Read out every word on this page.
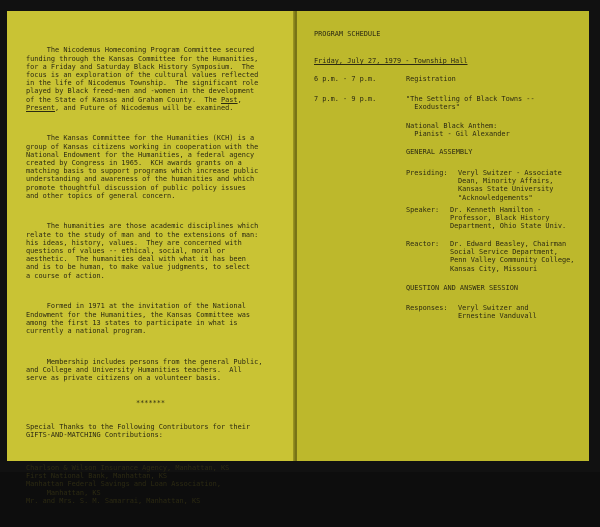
The Nicodemus Homecoming Program Committee secured
funding through the Kansas Committee for the Humanities,
for a Friday and Saturday Black History Symposium.  The
focus is an exploration of the cultural values reflected
in the life of Nicodemus Township.  The significant role
played by Black freed-men and -women in the development
of the State of Kansas and Graham County.  The Past,
Present, and Future of Nicodemus will be examined.

The Kansas Committee for the Humanities (KCH) is a
group of Kansas citizens working in cooperation with the
National Endowment for the Humanities, a federal agency
created by Congress in 1965.  KCH awards grants on a
matching basis to support programs which increase public
understanding and awareness of the humanities and which
promote thoughtful discussion of public policy issues
and other topics of general concern.

The humanities are those academic disciplines which
relate to the study of man and to the extensions of man:
his ideas, history, values.  They are concerned with
questions of values -- ethical, social, moral or
aesthetic.  The humanities deal with what it has been
and is to be human, to make value judgments, to select
a course of action.

Formed in 1971 at the invitation of the National
Endowment for the Humanities, the Kansas Committee was
among the first 13 states to participate in what is
currently a national program.

Membership includes persons from the general Public,
and College and University Humanities teachers.  All
serve as private citizens on a volunteer basis.

*******

Special Thanks to the Following Contributors for their
GIFTS-AND-MATCHING Contributions:

Charlson & Wilson Insurance Agency, Manhattan, KS
First National Bank, Manhattan, KS
Manhattan Federal Savings and Loan Association,
Manhattan, KS
Mr. and Mrs. S. M. Samarrai, Manhattan, KS

PROGRAM SCHEDULE
Friday, July 27, 1979 - Township Hall
6 p.m. - 7 p.m.	Registration
7 p.m. - 9 p.m.	"The Settling of Black Towns --
Exodusters"
National Black Anthem:
Pianist - Gil Alexander
GENERAL ASSEMBLY
Presiding: Veryl Switzer - Associate
Dean, Minority Affairs,
Kansas State University
"Acknowledgements"
Speaker: Dr. Kenneth Hamilton -
Professor, Black History
Department, Ohio State Univ.
Reactor: Dr. Edward Beasley, Chairman
Social Service Department,
Penn Valley Community College,
Kansas City, Missouri
QUESTION AND ANSWER SESSION
Responses: Veryl Switzer and
Ernestine Vanduvall
